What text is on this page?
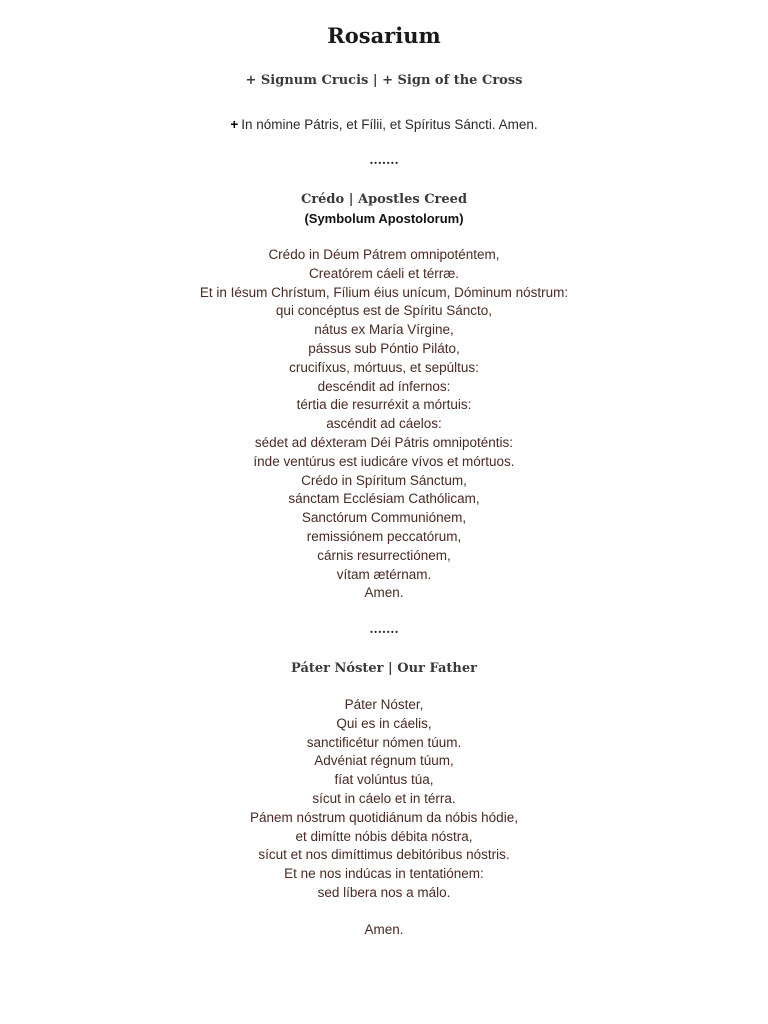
Rosarium
+ Signum Crucis | + Sign of the Cross
+ In nómine Pátris, et Fílii, et Spíritus Sáncti. Amen.
.......
Crédo | Apostles Creed
(Symbolum Apostolorum)
Crédo in Déum Pátrem omnipoténtem,
Creatórem cáeli et térræ.
Et in Iésum Chrístum, Fílium éius unícum, Dóminum nóstrum:
qui concéptus est de Spíritu Sáncto,
nátus ex María Vírgine,
pássus sub Póntio Piláto,
crucifíxus, mórtuus, et sepúltus:
descéndit ad ínfernos:
tértia die resurréxit a mórtuis:
ascéndit ad cáelos:
sédet ad déxteram Déi Pátris omnipoténtis:
índe ventúrus est iudicáre vívos et mórtuos.
Crédo in Spíritum Sánctum,
sánctam Ecclésiam Cathólicam,
Sanctórum Communiónem,
remissiónem peccatórum,
cárnis resurrectiónem,
vítam ætérnam.
Amen.
.......
Páter Nóster | Our Father
Páter Nóster,
Qui es in cáelis,
sanctificétur nómen túum.
Advéniat régnum túum,
fíat volúntus túa,
sícut in cáelo et in térra.
Pánem nóstrum quotidiánum da nóbis hódie,
et dimítte nóbis débita nóstra,
sícut et nos dimíttimus debitóribus nóstris.
Et ne nos indúcas in tentatiónem:
sed líbera nos a málo.
Amen.
